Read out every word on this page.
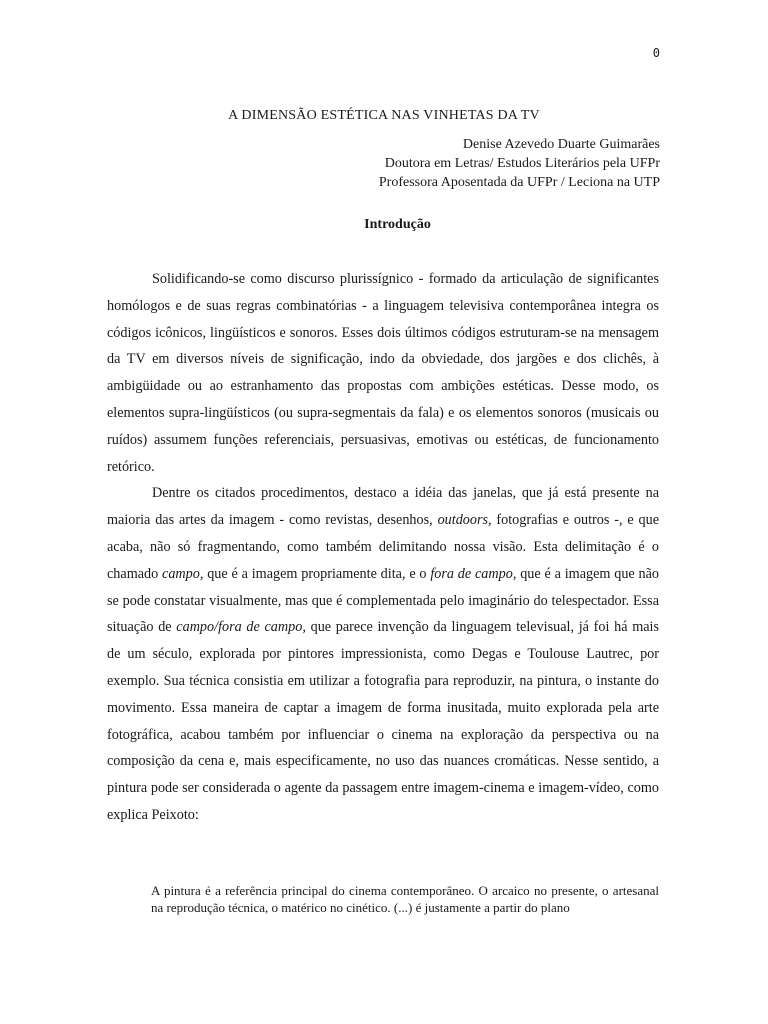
0
A DIMENSÃO ESTÉTICA NAS VINHETAS DA TV
Denise Azevedo Duarte Guimarães
Doutora em Letras/ Estudos Literários pela UFPr
Professora Aposentada da UFPr / Leciona na UTP
Introdução

Solidificando-se como discurso plurissígnico - formado da articulação de significantes homólogos e de suas regras combinatórias - a linguagem televisiva contemporânea integra os códigos icônicos, lingüísticos e sonoros. Esses dois últimos códigos estruturam-se na mensagem da TV em diversos níveis de significação, indo da obviedade, dos jargões e dos clichês, à ambigüidade ou ao estranhamento das propostas com ambições estéticas. Desse modo, os elementos supra-lingüísticos (ou supra-segmentais da fala) e os elementos sonoros (musicais ou ruídos) assumem funções referenciais, persuasivas, emotivas ou estéticas, de funcionamento retórico.

Dentre os citados procedimentos, destaco a idéia das janelas, que já está presente na maioria das artes da imagem - como revistas, desenhos, outdoors, fotografias e outros -, e que acaba, não só fragmentando, como também delimitando nossa visão. Esta delimitação é o chamado campo, que é a imagem propriamente dita, e o fora de campo, que é a imagem que não se pode constatar visualmente, mas que é complementada pelo imaginário do telespectador. Essa situação de campo/fora de campo, que parece invenção da linguagem televisual, já foi há mais de um século, explorada por pintores impressionista, como Degas e Toulouse Lautrec, por exemplo. Sua técnica consistia em utilizar a fotografia para reproduzir, na pintura, o instante do movimento. Essa maneira de captar a imagem de forma inusitada, muito explorada pela arte fotográfica, acabou também por influenciar o cinema na exploração da perspectiva ou na composição da cena e, mais especificamente, no uso das nuances cromáticas. Nesse sentido, a pintura pode ser considerada o agente da passagem entre imagem-cinema e imagem-vídeo, como explica Peixoto:

A pintura é a referência principal do cinema contemporâneo. O arcaico no presente, o artesanal na reprodução técnica, o matérico no cinético. (...) é justamente a partir do plano
